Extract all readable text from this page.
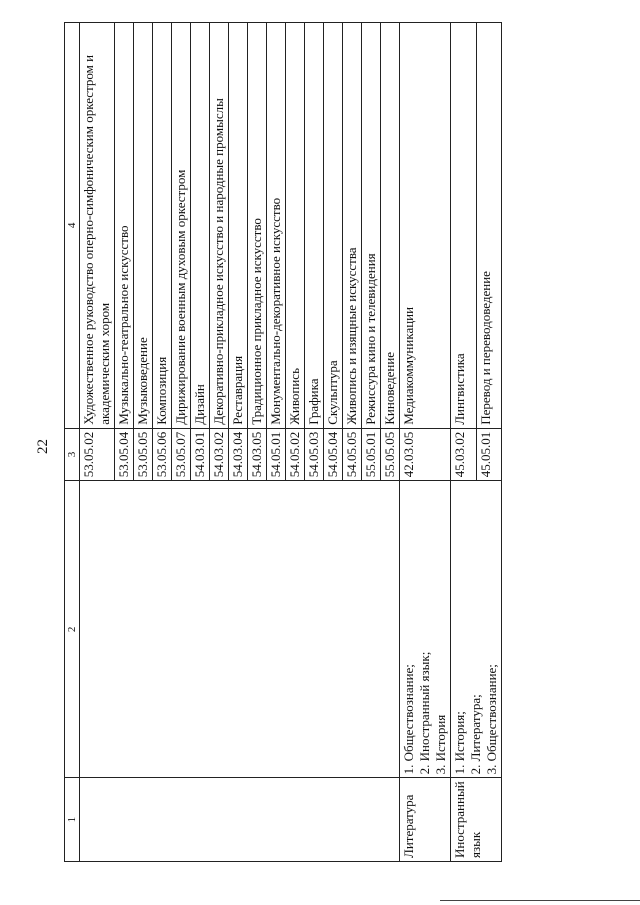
22
1	2	3	4
		53.05.02	Художественное руководство оперно-симфоническим оркестром и академическим хором
		53.05.04	Музыкально-театральное искусство
		53.05.05	Музыковедение
		53.05.06	Композиция
		53.05.07	Дирижирование военным духовым оркестром
		54.03.01	Дизайн
		54.03.02	Декоративно-прикладное искусство и народные промыслы
		54.03.04	Реставрация
		54.03.05	Традиционное прикладное искусство
		54.05.01	Монументально-декоративное искусство
		54.05.02	Живопись
		54.05.03	Графика
		54.05.04	Скульптура
		54.05.05	Живопись и изящные искусства
		55.05.01	Режиссура кино и телевидения
		55.05.05	Киноведение
Литература	1. Обществознание; 2. Иностранный язык; 3. История	42.03.05	Медиакоммуникации
Иностранный язык	1. История; 2. Литература; 3. Обществознание;	45.03.02	Лингвистика
		45.05.01	Перевод и переводоведение
